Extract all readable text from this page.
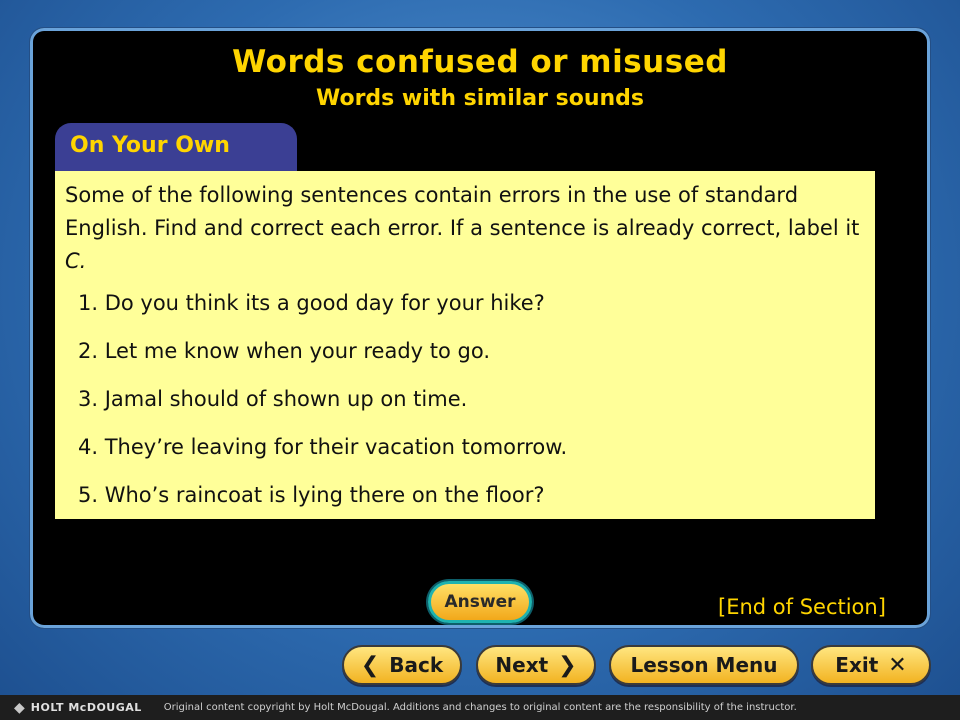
Words confused or misused
Words with similar sounds
On Your Own
Some of the following sentences contain errors in the use of standard English. Find and correct each error. If a sentence is already correct, label it C.
1. Do you think its a good day for your hike?
2. Let me know when your ready to go.
3. Jamal should of shown up on time.
4. They’re leaving for their vacation tomorrow.
5. Who’s raincoat is lying there on the floor?
Answer	[End of Section]
❮ Back	Next ❯	Lesson Menu	Exit ✕
◆ HOLT McDOUGAL Original content copyright by Holt McDougal. Additions and changes to original content are the responsibility of the instructor.
